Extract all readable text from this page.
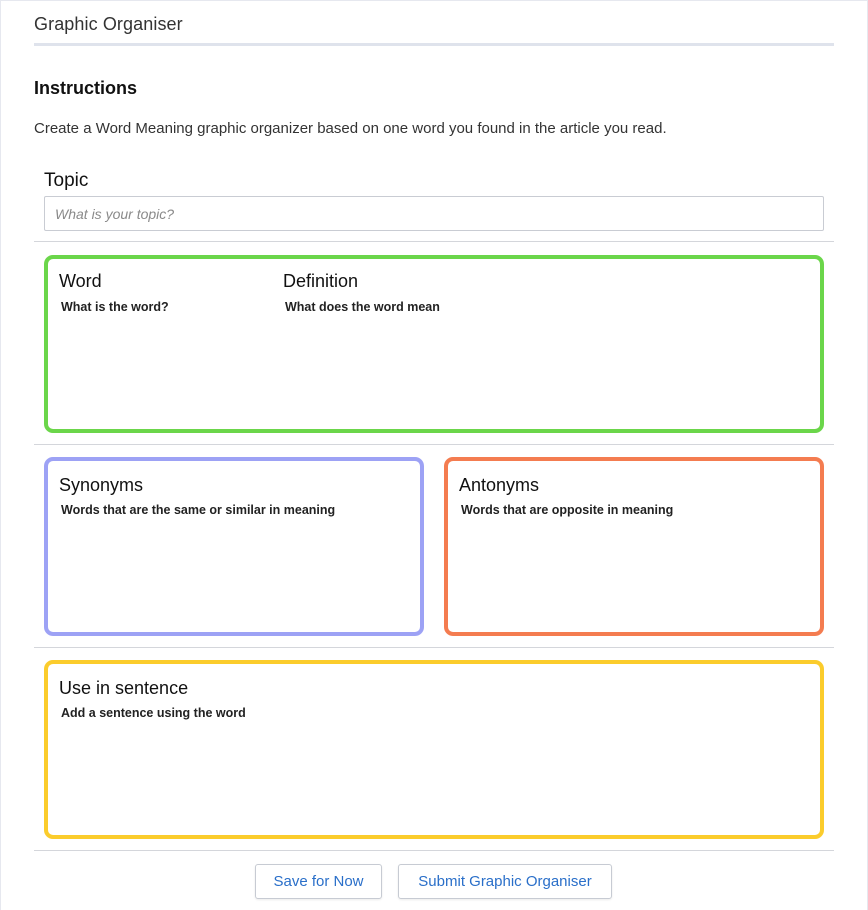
Graphic Organiser
Instructions
Create a Word Meaning graphic organizer based on one word you found in the article you read.
Topic
What is your topic?
Word
What is the word?
Definition
What does the word mean
Synonyms
Words that are the same or similar in meaning
Antonyms
Words that are opposite in meaning
Use in sentence
Add a sentence using the word
Save for Now	Submit Graphic Organiser
